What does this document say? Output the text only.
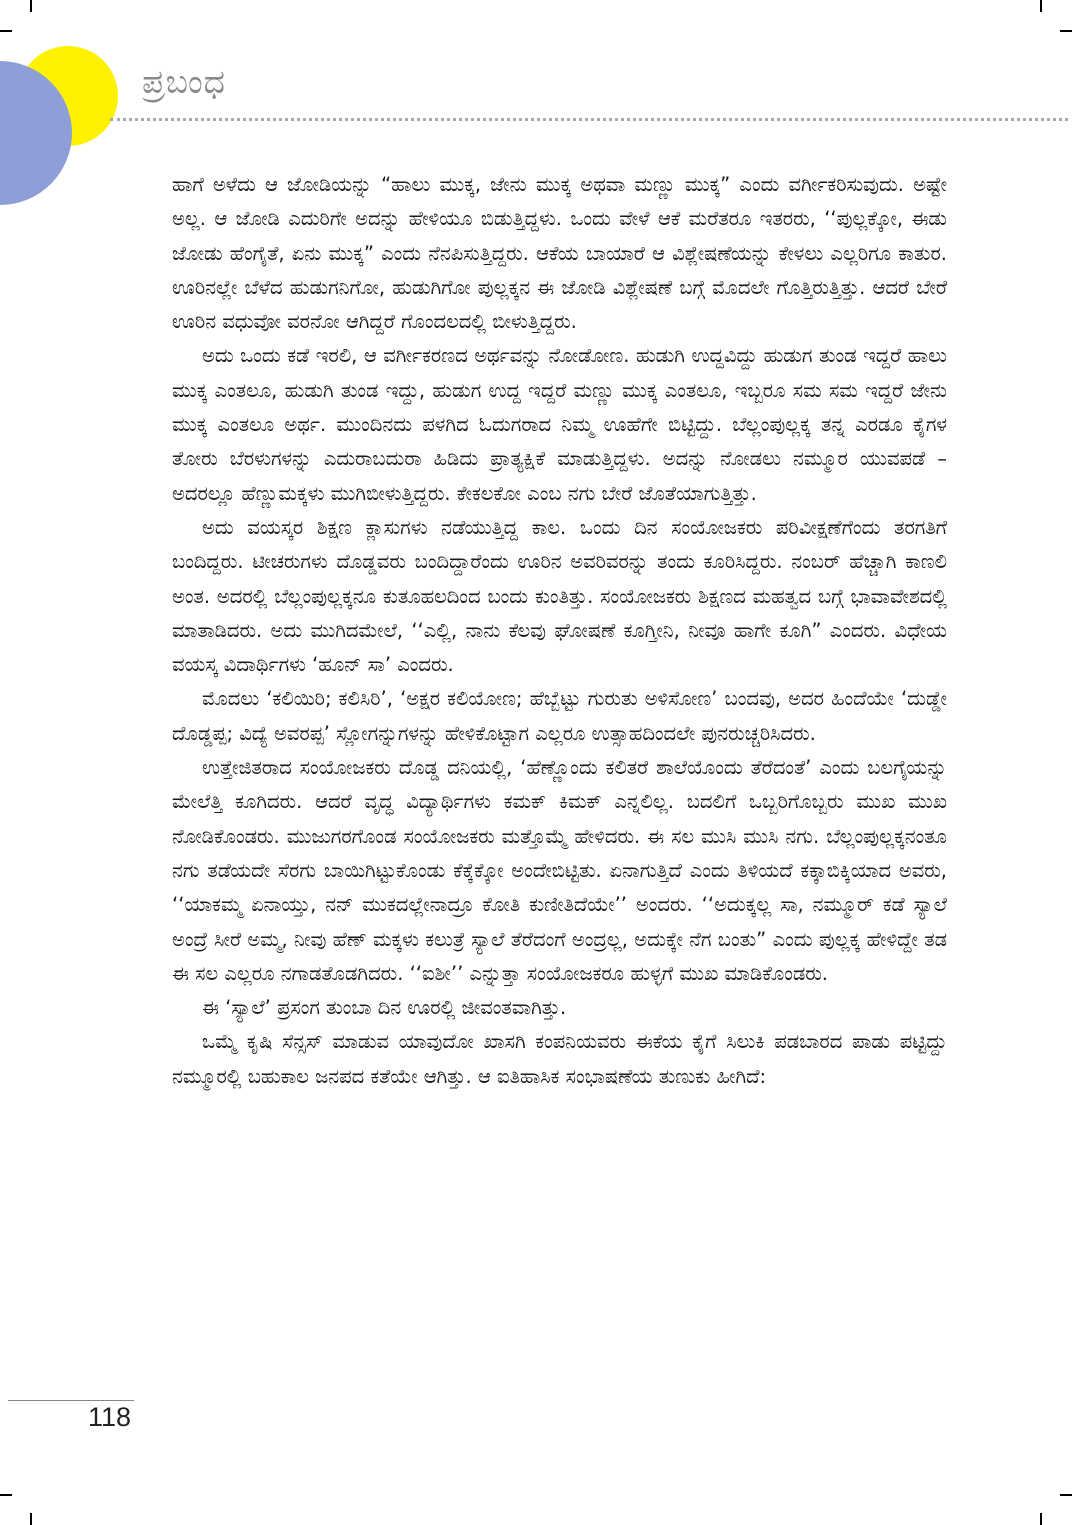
ಪ್ರಬಂಧ

ಹಾಗೆ ಅಳೆದು ಆ ಜೋಡಿಯನ್ನು “ಹಾಲು ಮುಕ್ಕ, ಜೇನು ಮುಕ್ಕ ಅಥವಾ ಮಣ್ಣು ಮುಕ್ಕ” ಎಂದು ವರ್ಗೀಕರಿಸುವುದು. ಅಷ್ಟೇ ಅಲ್ಲ. ಆ ಜೋಡಿ ಎದುರಿಗೇ ಅದನ್ನು ಹೇಳಿಯೂ ಬಿಡುತ್ತಿದ್ದಳು. ಒಂದು ವೇಳೆ ಆಕೆ ಮರೆತರೂ ಇತರರು, ‘‘ಪುಲ್ಲಕ್ಕೋ, ಈಡು ಜೋಡು ಹೆಂಗೈತೆ, ಏನು ಮುಕ್ಕ” ಎಂದು ನೆನಪಿಸುತ್ತಿದ್ದರು. ಆಕೆಯ ಬಾಯಾರೆ ಆ ವಿಶ್ಲೇಷಣೆಯನ್ನು ಕೇಳಲು ಎಲ್ಲರಿಗೂ ಕಾತುರ. ಊರಿನಲ್ಲೇ ಬೆಳೆದ ಹುಡುಗನಿಗೋ, ಹುಡುಗಿಗೋ ಪುಲ್ಲಕ್ಕನ ಈ ಜೋಡಿ ವಿಶ್ಲೇಷಣೆ ಬಗ್ಗೆ ಮೊದಲೇ ಗೊತ್ತಿರುತ್ತಿತ್ತು. ಆದರೆ ಬೇರೆ ಊರಿನ ವಧುವೋ ವರನೋ ಆಗಿದ್ದರೆ ಗೊಂದಲದಲ್ಲಿ ಬೀಳುತ್ತಿದ್ದರು.

ಅದು ಒಂದು ಕಡೆ ಇರಲಿ, ಆ ವರ್ಗೀಕರಣದ ಅರ್ಥವನ್ನು ನೋಡೋಣ. ಹುಡುಗಿ ಉದ್ದವಿದ್ದು ಹುಡುಗ ತುಂಡ ಇದ್ದರೆ ಹಾಲು ಮುಕ್ಕ ಎಂತಲೂ, ಹುಡುಗಿ ತುಂಡ ಇದ್ದು, ಹುಡುಗ ಉದ್ದ ಇದ್ದರೆ ಮಣ್ಣು ಮುಕ್ಕ ಎಂತಲೂ, ಇಬ್ಬರೂ ಸಮ ಸಮ ಇದ್ದರೆ ಜೇನು ಮುಕ್ಕ ಎಂತಲೂ ಅರ್ಥ. ಮುಂದಿನದು ಪಳಗಿದ ಓದುಗರಾದ ನಿಮ್ಮ ಊಹೆಗೇ ಬಿಟ್ಟಿದ್ದು. ಬೆಲ್ಲಂಪುಲ್ಲಕ್ಕ ತನ್ನ ಎರಡೂ ಕೈಗಳ ತೋರು ಬೆರಳುಗಳನ್ನು ಎದುರಾಬದುರಾ ಹಿಡಿದು ಪ್ರಾತ್ಯಕ್ಷಿಕೆ ಮಾಡುತ್ತಿದ್ದಳು. ಅದನ್ನು ನೋಡಲು ನಮ್ಮೂರ ಯುವಪಡೆ – ಅದರಲ್ಲೂ ಹೆಣ್ಣುಮಕ್ಕಳು ಮುಗಿಬೀಳುತ್ತಿದ್ದರು. ಕೇಕಲಕೋ ಎಂಬ ನಗು ಬೇರೆ ಜೊತೆಯಾಗುತ್ತಿತ್ತು.

ಅದು ವಯಸ್ಕರ ಶಿಕ್ಷಣ ಕ್ಲಾಸುಗಳು ನಡೆಯುತ್ತಿದ್ದ ಕಾಲ. ಒಂದು ದಿನ ಸಂಯೋಜಕರು ಪರಿವೀಕ್ಷಣೆಗೆಂದು ತರಗತಿಗೆ ಬಂದಿದ್ದರು. ಟೀಚರುಗಳು ದೊಡ್ಡವರು ಬಂದಿದ್ದಾರೆಂದು ಊರಿನ ಅವರಿವರನ್ನು ತಂದು ಕೂರಿಸಿದ್ದರು. ನಂಬರ್ ಹೆಚ್ಚಾಗಿ ಕಾಣಲಿ ಅಂತ. ಅದರಲ್ಲಿ ಬೆಲ್ಲಂಪುಲ್ಲಕ್ಕನೂ ಕುತೂಹಲದಿಂದ ಬಂದು ಕುಂತಿತ್ತು. ಸಂಯೋಜಕರು ಶಿಕ್ಷಣದ ಮಹತ್ವದ ಬಗ್ಗೆ ಭಾವಾವೇಶದಲ್ಲಿ ಮಾತಾಡಿದರು. ಅದು ಮುಗಿದಮೇಲೆ, ‘‘ಎಲ್ಲಿ, ನಾನು ಕೆಲವು ಘೋಷಣೆ ಕೂಗ್ತೀನಿ, ನೀವೂ ಹಾಗೇ ಕೂಗಿ” ಎಂದರು. ವಿಧೇಯ ವಯಸ್ಕ ವಿದಾರ್ಥಿಗಳು ‘ಹೂನ್ ಸಾ’ ಎಂದರು.

ಮೊದಲು ‘ಕಲಿಯಿರಿ; ಕಲಿಸಿರಿ’, ‘ಅಕ್ಷರ ಕಲಿಯೋಣ; ಹೆಬ್ಬೆಟ್ಟು ಗುರುತು ಅಳಿಸೋಣ’ ಬಂದವು, ಅದರ ಹಿಂದೆಯೇ ‘ದುಡ್ಡೇ ದೊಡ್ಡಪ್ಪ; ವಿದ್ಯೆ ಅವರಪ್ಪ’ ಸ್ಲೋಗನ್ನುಗಳನ್ನು ಹೇಳಿಕೊಟ್ಟಾಗ ಎಲ್ಲರೂ ಉತ್ಸಾಹದಿಂದಲೇ ಪುನರುಚ್ಚರಿಸಿದರು.

ಉತ್ತೇಜಿತರಾದ ಸಂಯೋಜಕರು ದೊಡ್ಡ ದನಿಯಲ್ಲಿ, ‘ಹೆಣ್ಣೊಂದು ಕಲಿತರೆ ಶಾಲೆಯೊಂದು ತೆರೆದಂತೆ’ ಎಂದು ಬಲಗೈಯನ್ನು ಮೇಲೆತ್ತಿ ಕೂಗಿದರು. ಆದರೆ ವೃದ್ಧ ವಿದ್ಯಾರ್ಥಿಗಳು ಕಮಕ್ ಕಿಮಕ್ ಎನ್ನಲಿಲ್ಲ. ಬದಲಿಗೆ ಒಬ್ಬರಿಗೊಬ್ಬರು ಮುಖ ಮುಖ ನೋಡಿಕೊಂಡರು. ಮುಜುಗರಗೊಂಡ ಸಂಯೋಜಕರು ಮತ್ತೊಮ್ಮೆ ಹೇಳಿದರು. ಈ ಸಲ ಮುಸಿ ಮುಸಿ ನಗು. ಬೆಲ್ಲಂಪುಲ್ಲಕ್ಕನಂತೂ ನಗು ತಡೆಯದೇ ಸೆರಗು ಬಾಯಿಗಿಟ್ಟುಕೊಂಡು ಕೆಕ್ಕೆಕ್ಕೋ ಅಂದೇಬಿಟ್ಟಿತು. ಏನಾಗುತ್ತಿದೆ ಎಂದು ತಿಳಿಯದೆ ಕಕ್ಕಾಬಿಕ್ಕಿಯಾದ ಅವರು, ‘‘ಯಾಕಮ್ಮ ಏನಾಯ್ತು, ನನ್ ಮುಕದಲ್ಲೇನಾದ್ರೂ ಕೋತಿ ಕುಣೀತಿದೆಯೇ’’ ಅಂದರು. ‘‘ಅದುಕ್ಕಲ್ಲ ಸಾ, ನಮ್ಮೂರ್ ಕಡೆ ಸ್ಯಾಲೆ ಅಂದ್ರೆ ಸೀರೆ ಅಮ್ಮ, ನೀವು ಹೆಣ್ ಮಕ್ಕಳು ಕಲುತ್ರೆ ಸ್ಯಾಲೆ ತೆರೆದಂಗೆ ಅಂದ್ರಲ್ಲ, ಅದುಕ್ಕೇ ನೆಗ ಬಂತು” ಎಂದು ಪುಲ್ಲಕ್ಕ ಹೇಳಿದ್ದೇ ತಡ ಈ ಸಲ ಎಲ್ಲರೂ ನಗಾಡತೊಡಗಿದರು. ‘‘ಐಶೀ’’ ಎನ್ನುತ್ತಾ ಸಂಯೋಜಕರೂ ಹುಳ್ಳಗೆ ಮುಖ ಮಾಡಿಕೊಂಡರು.

ಈ ‘ಸ್ಯಾಲೆ’ ಪ್ರಸಂಗ ತುಂಬಾ ದಿನ ಊರಲ್ಲಿ ಜೀವಂತವಾಗಿತ್ತು.

ಒಮ್ಮೆ ಕೃಷಿ ಸೆನ್ಸಸ್ ಮಾಡುವ ಯಾವುದೋ ಖಾಸಗಿ ಕಂಪನಿಯವರು ಈಕೆಯ ಕೈಗೆ ಸಿಲುಕಿ ಪಡಬಾರದ ಪಾಡು ಪಟ್ಟಿದ್ದು ನಮ್ಮೂರಲ್ಲಿ ಬಹುಕಾಲ ಜನಪದ ಕತೆಯೇ ಆಗಿತ್ತು. ಆ ಐತಿಹಾಸಿಕ ಸಂಭಾಷಣೆಯ ತುಣುಕು ಹೀಗಿದೆ:

118
